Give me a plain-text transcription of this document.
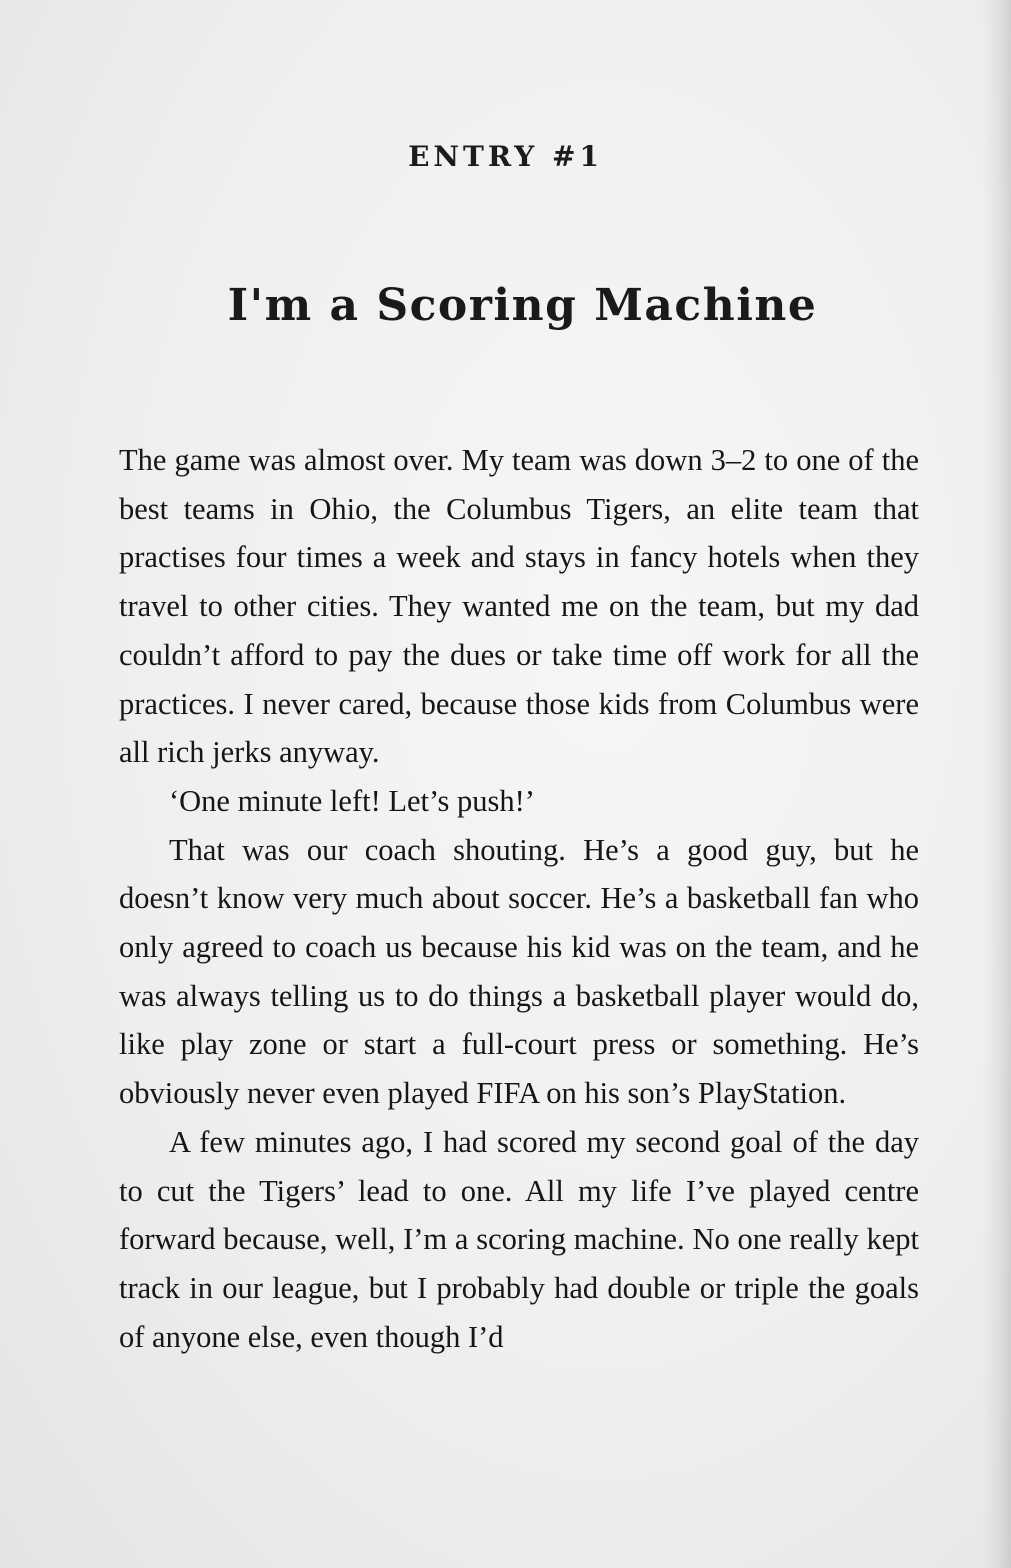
ENTRY #1
I'm a Scoring Machine

The game was almost over. My team was down 3–2 to one of the best teams in Ohio, the Columbus Tigers, an elite team that practises four times a week and stays in fancy hotels when they travel to other cities. They wanted me on the team, but my dad couldn’t afford to pay the dues or take time off work for all the practices. I never cared, because those kids from Columbus were all rich jerks anyway.

‘One minute left! Let’s push!’

That was our coach shouting. He’s a good guy, but he doesn’t know very much about soccer. He’s a basketball fan who only agreed to coach us because his kid was on the team, and he was always telling us to do things a basketball player would do, like play zone or start a full-court press or something. He’s obviously never even played FIFA on his son’s PlayStation.

A few minutes ago, I had scored my second goal of the day to cut the Tigers’ lead to one. All my life I’ve played centre forward because, well, I’m a scoring machine. No one really kept track in our league, but I probably had double or triple the goals of anyone else, even though I’d
